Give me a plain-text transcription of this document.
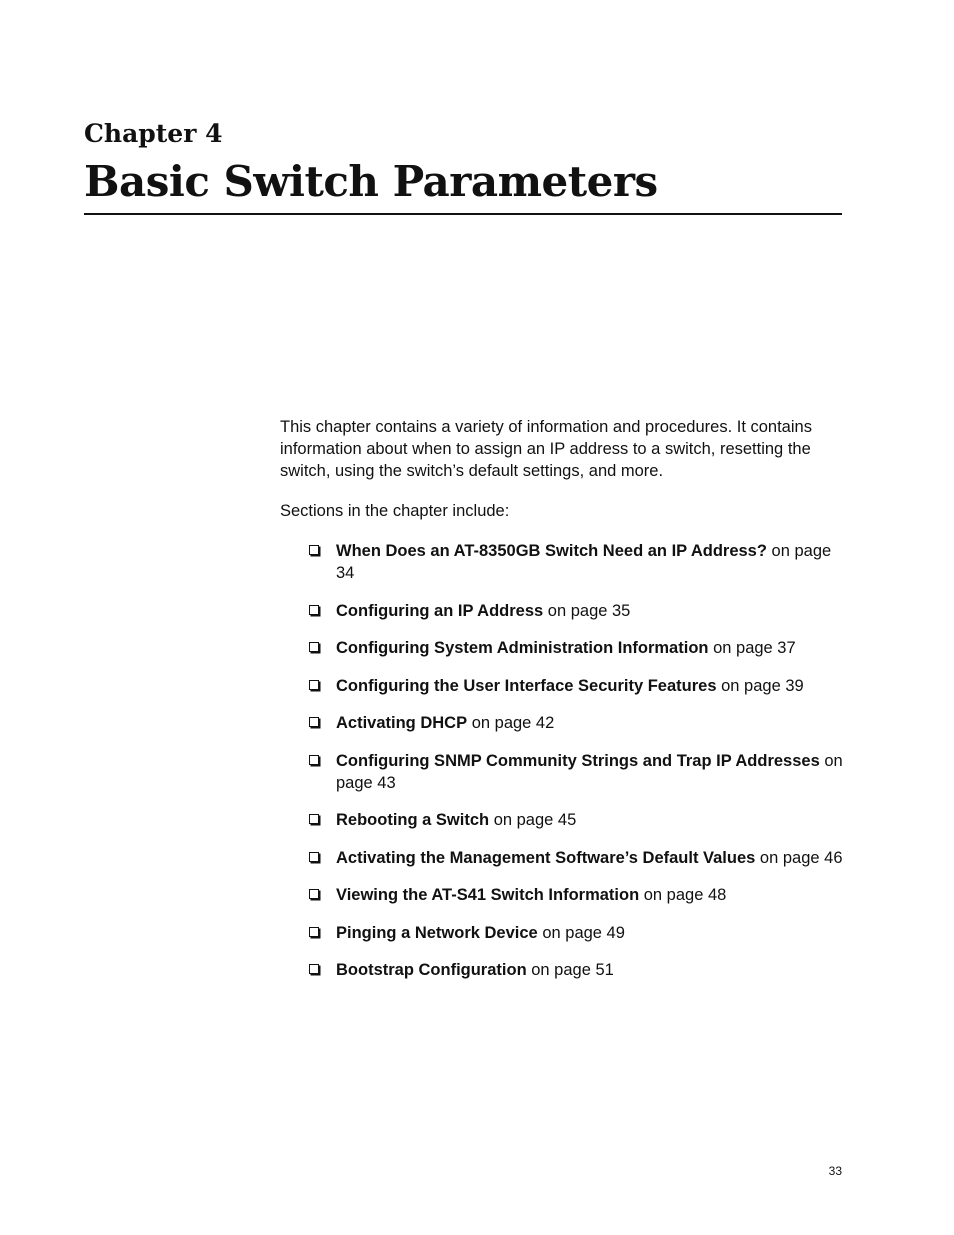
Chapter 4
Basic Switch Parameters

This chapter contains a variety of information and procedures. It contains information about when to assign an IP address to a switch, resetting the switch, using the switch’s default settings, and more.

Sections in the chapter include:

When Does an AT-8350GB Switch Need an IP Address? on page 34
Configuring an IP Address on page 35
Configuring System Administration Information on page 37
Configuring the User Interface Security Features on page 39
Activating DHCP on page 42
Configuring SNMP Community Strings and Trap IP Addresses on page 43
Rebooting a Switch on page 45
Activating the Management Software’s Default Values on page 46
Viewing the AT-S41 Switch Information on page 48
Pinging a Network Device on page 49
Bootstrap Configuration on page 51
33
